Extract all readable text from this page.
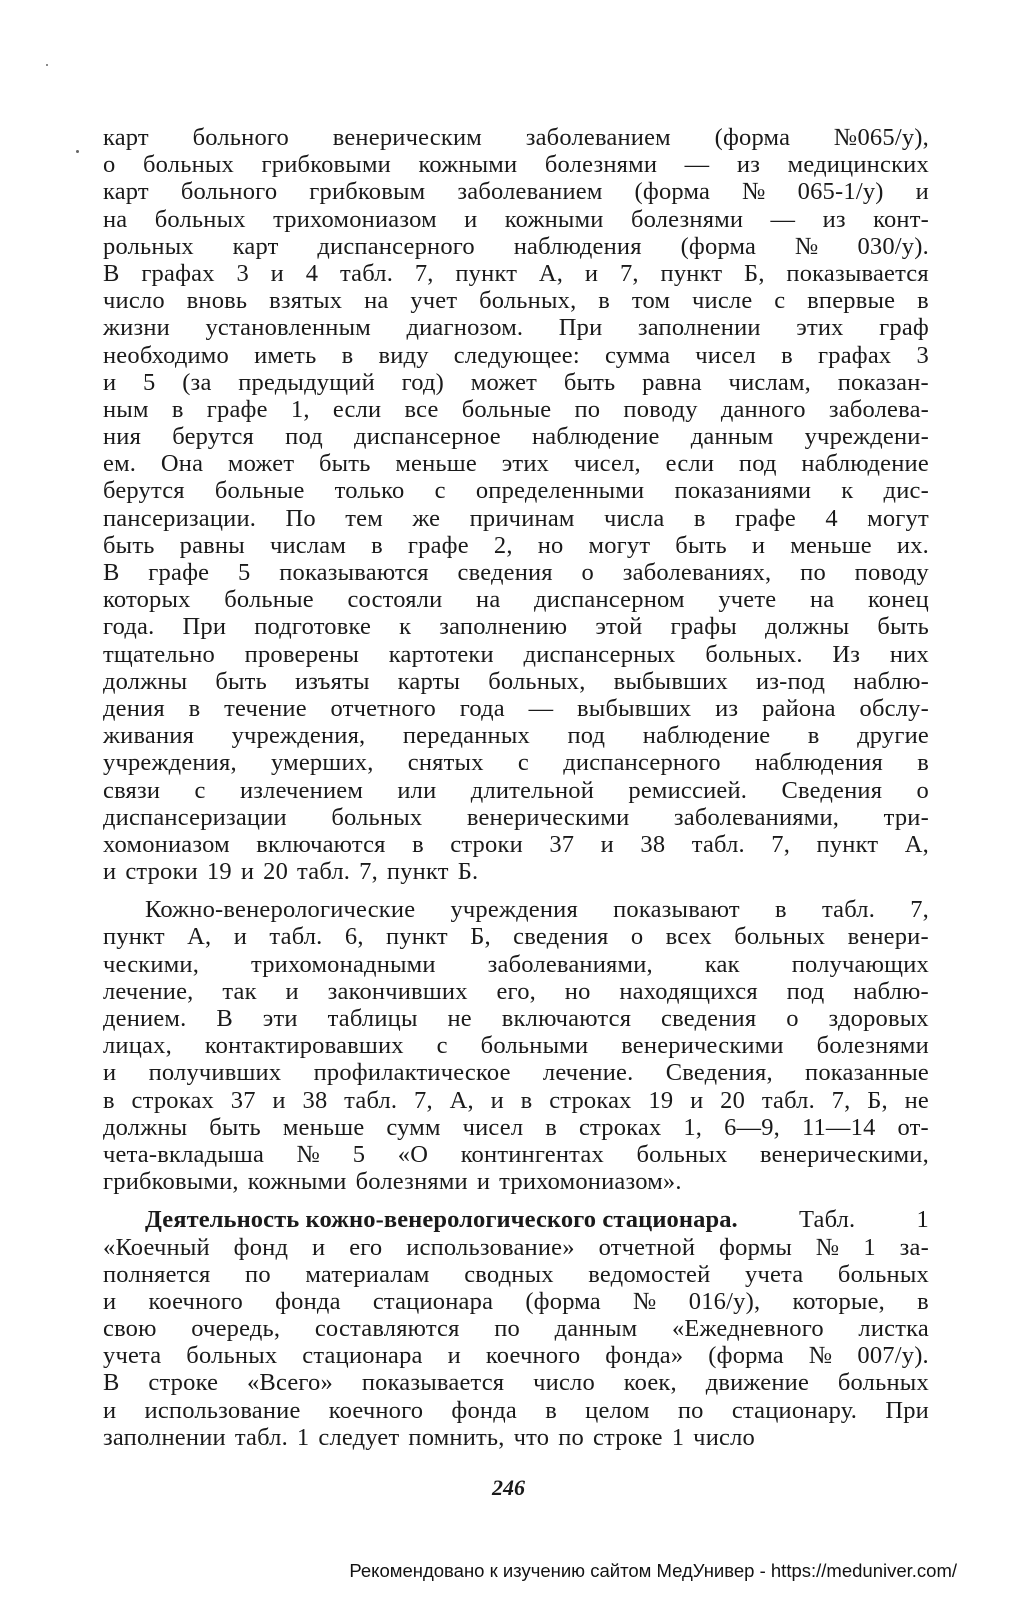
карт больного венерическим заболеванием (форма №065/у),
о больных грибковыми кожными болезнями — из медицинских
карт больного грибковым заболеванием (форма № 065-1/у) и
на больных трихомониазом и кожными болезнями — из конт-
рольных карт диспансерного наблюдения (форма № 030/у).
В графах 3 и 4 табл. 7, пункт А, и 7, пункт Б, показывается
число вновь взятых на учет больных, в том числе с впервые в
жизни установленным диагнозом. При заполнении этих граф
необходимо иметь в виду следующее: сумма чисел в графах 3
и 5 (за предыдущий год) может быть равна числам, показан-
ным в графе 1, если все больные по поводу данного заболева-
ния берутся под диспансерное наблюдение данным учреждени-
ем. Она может быть меньше этих чисел, если под наблюдение
берутся больные только с определенными показаниями к дис-
пансеризации. По тем же причинам числа в графе 4 могут
быть равны числам в графе 2, но могут быть и меньше их.
В графе 5 показываются сведения о заболеваниях, по поводу
которых больные состояли на диспансерном учете на конец
года. При подготовке к заполнению этой графы должны быть
тщательно проверены картотеки диспансерных больных. Из них
должны быть изъяты карты больных, выбывших из-под наблю-
дения в течение отчетного года — выбывших из района обслу-
живания учреждения, переданных под наблюдение в другие
учреждения, умерших, снятых с диспансерного наблюдения в
связи с излечением или длительной ремиссией. Сведения о
диспансеризации больных венерическими заболеваниями, три-
хомониазом включаются в строки 37 и 38 табл. 7, пункт А,
и строки 19 и 20 табл. 7, пункт Б.
Кожно-венерологические учреждения показывают в табл. 7,
пункт А, и табл. 6, пункт Б, сведения о всех больных венери-
ческими, трихомонадными заболеваниями, как получающих
лечение, так и закончивших его, но находящихся под наблю-
дением. В эти таблицы не включаются сведения о здоровых
лицах, контактировавших с больными венерическими болезнями
и получивших профилактическое лечение. Сведения, показанные
в строках 37 и 38 табл. 7, А, и в строках 19 и 20 табл. 7, Б, не
должны быть меньше сумм чисел в строках 1, 6—9, 11—14 от-
чета-вкладыша № 5 «О контингентах больных венерическими,
грибковыми, кожными болезнями и трихомониазом».
Деятельность кожно-венерологического стационара. Табл. 1
«Коечный фонд и его использование» отчетной формы № 1 за-
полняется по материалам сводных ведомостей учета больных
и коечного фонда стационара (форма № 016/у), которые, в
свою очередь, составляются по данным «Ежедневного листка
учета больных стационара и коечного фонда» (форма № 007/у).
В строке «Всего» показывается число коек, движение больных
и использование коечного фонда в целом по стационару. При
заполнении табл. 1 следует помнить, что по строке 1 число
246
Рекомендовано к изучению сайтом МедУнивер - https://meduniver.com/
